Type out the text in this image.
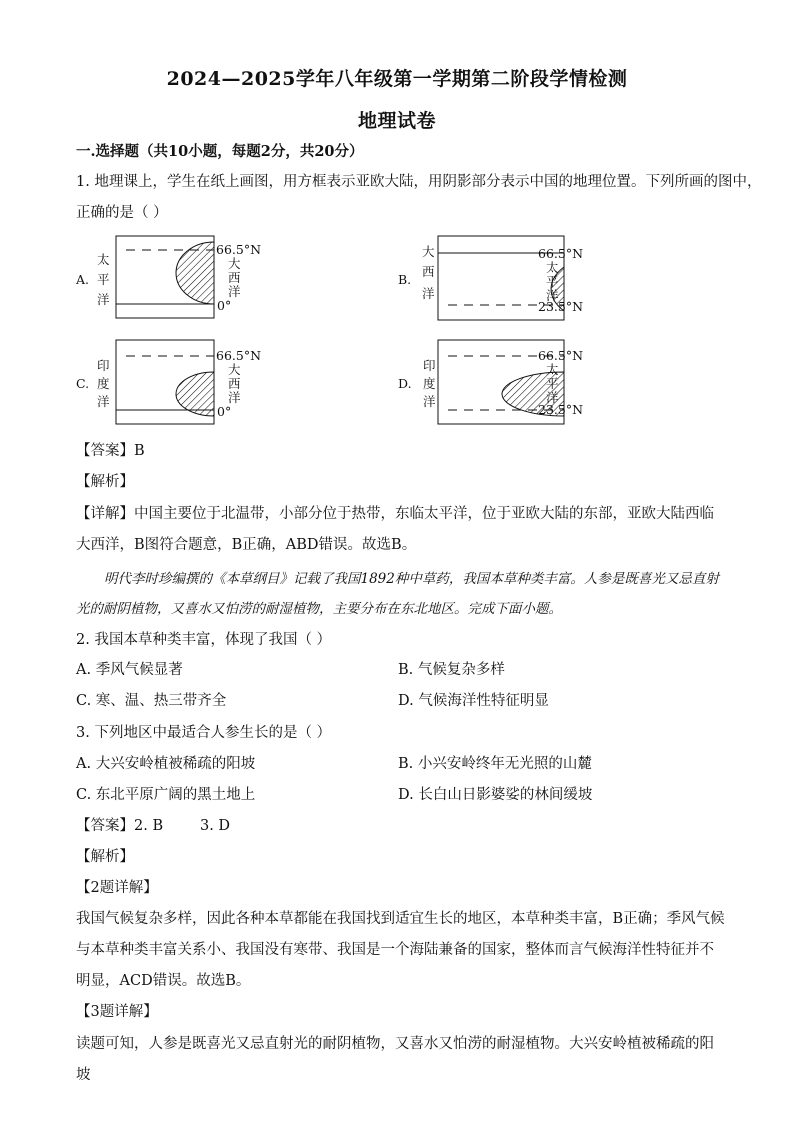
2024—2025学年八年级第一学期第二阶段学情检测
地理试卷
一.选择题（共10小题，每题2分，共20分）
1. 地理课上，学生在纸上画图，用方框表示亚欧大陆，用阴影部分表示中国的地理位置。下列所画的图中，
正确的是（ ）
A.
太
平
洋
66.5°N
大
西
洋
0°
B.
大
西
洋
66.5°N
太
平
洋
23.5°N
C.
印
度
洋
66.5°N
大
西
洋
0°
D.
印
度
洋
66.5°N
太
平
洋
23.5°N
【答案】B
【解析】
【详解】中国主要位于北温带，小部分位于热带，东临太平洋，位于亚欧大陆的东部，亚欧大陆西临大西洋，B图符合题意，B正确，ABD错误。故选B。
明代李时珍编撰的《本草纲目》记载了我国1892种中草药，我国本草种类丰富。人参是既喜光又忌直射光的耐阴植物，又喜水又怕涝的耐湿植物，主要分布在东北地区。完成下面小题。
2. 我国本草种类丰富，体现了我国（ ）
A. 季风气候显著	B. 气候复杂多样
C. 寒、温、热三带齐全	D. 气候海洋性特征明显
3. 下列地区中最适合人参生长的是（ ）
A. 大兴安岭植被稀疏的阳坡	B. 小兴安岭终年无光照的山麓
C. 东北平原广阔的黑土地上	D. 长白山日影婆娑的林间缓坡
【答案】2. B        3. D
【解析】
【2题详解】
我国气候复杂多样，因此各种本草都能在我国找到适宜生长的地区，本草种类丰富，B正确；季风气候与本草种类丰富关系小、我国没有寒带、我国是一个海陆兼备的国家，整体而言气候海洋性特征并不明显，ACD错误。故选B。
【3题详解】
读题可知，人参是既喜光又忌直射光的耐阴植物，又喜水又怕涝的耐湿植物。大兴安岭植被稀疏的阳坡
